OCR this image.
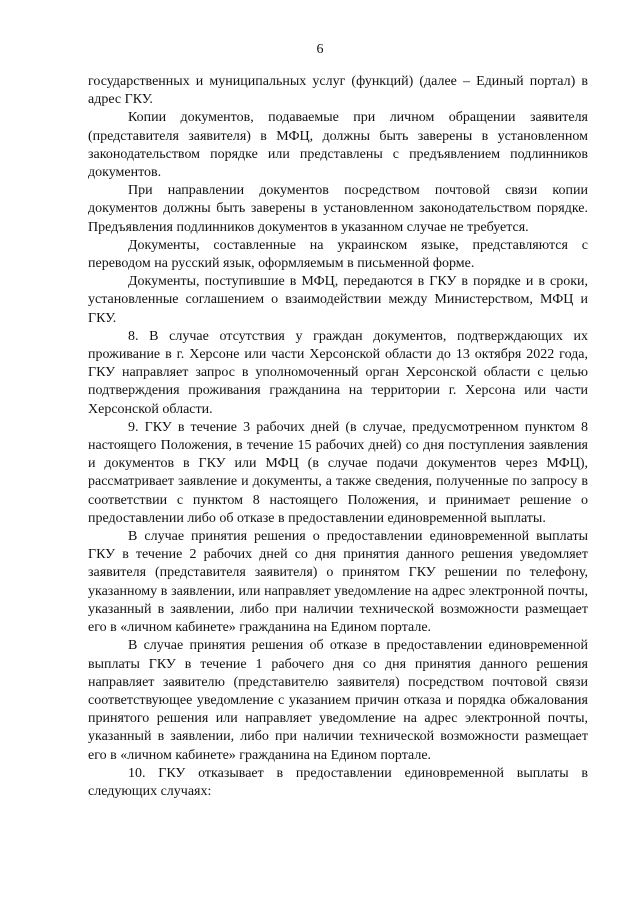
6

государственных и муниципальных услуг (функций) (далее – Единый портал) в адрес ГКУ.

Копии документов, подаваемые при личном обращении заявителя (представителя заявителя) в МФЦ, должны быть заверены в установленном законодательством порядке или представлены с предъявлением подлинников документов.

При направлении документов посредством почтовой связи копии документов должны быть заверены в установленном законодательством порядке. Предъявления подлинников документов в указанном случае не требуется.

Документы, составленные на украинском языке, представляются с переводом на русский язык, оформляемым в письменной форме.

Документы, поступившие в МФЦ, передаются в ГКУ в порядке и в сроки, установленные соглашением о взаимодействии между Министерством, МФЦ и ГКУ.

8. В случае отсутствия у граждан документов, подтверждающих их проживание в г. Херсоне или части Херсонской области до 13 октября 2022 года, ГКУ направляет запрос в уполномоченный орган Херсонской области с целью подтверждения проживания гражданина на территории г. Херсона или части Херсонской области.

9. ГКУ в течение 3 рабочих дней (в случае, предусмотренном пунктом 8 настоящего Положения, в течение 15 рабочих дней) со дня поступления заявления и документов в ГКУ или МФЦ (в случае подачи документов через МФЦ), рассматривает заявление и документы, а также сведения, полученные по запросу в соответствии с пунктом 8 настоящего Положения, и принимает решение о предоставлении либо об отказе в предоставлении единовременной выплаты.

В случае принятия решения о предоставлении единовременной выплаты ГКУ в течение 2 рабочих дней со дня принятия данного решения уведомляет заявителя (представителя заявителя) о принятом ГКУ решении по телефону, указанному в заявлении, или направляет уведомление на адрес электронной почты, указанный в заявлении, либо при наличии технической возможности размещает его в «личном кабинете» гражданина на Едином портале.

В случае принятия решения об отказе в предоставлении единовременной выплаты ГКУ в течение 1 рабочего дня со дня принятия данного решения направляет заявителю (представителю заявителя) посредством почтовой связи соответствующее уведомление с указанием причин отказа и порядка обжалования принятого решения или направляет уведомление на адрес электронной почты, указанный в заявлении, либо при наличии технической возможности размещает его в «личном кабинете» гражданина на Едином портале.

10. ГКУ отказывает в предоставлении единовременной выплаты в следующих случаях:
